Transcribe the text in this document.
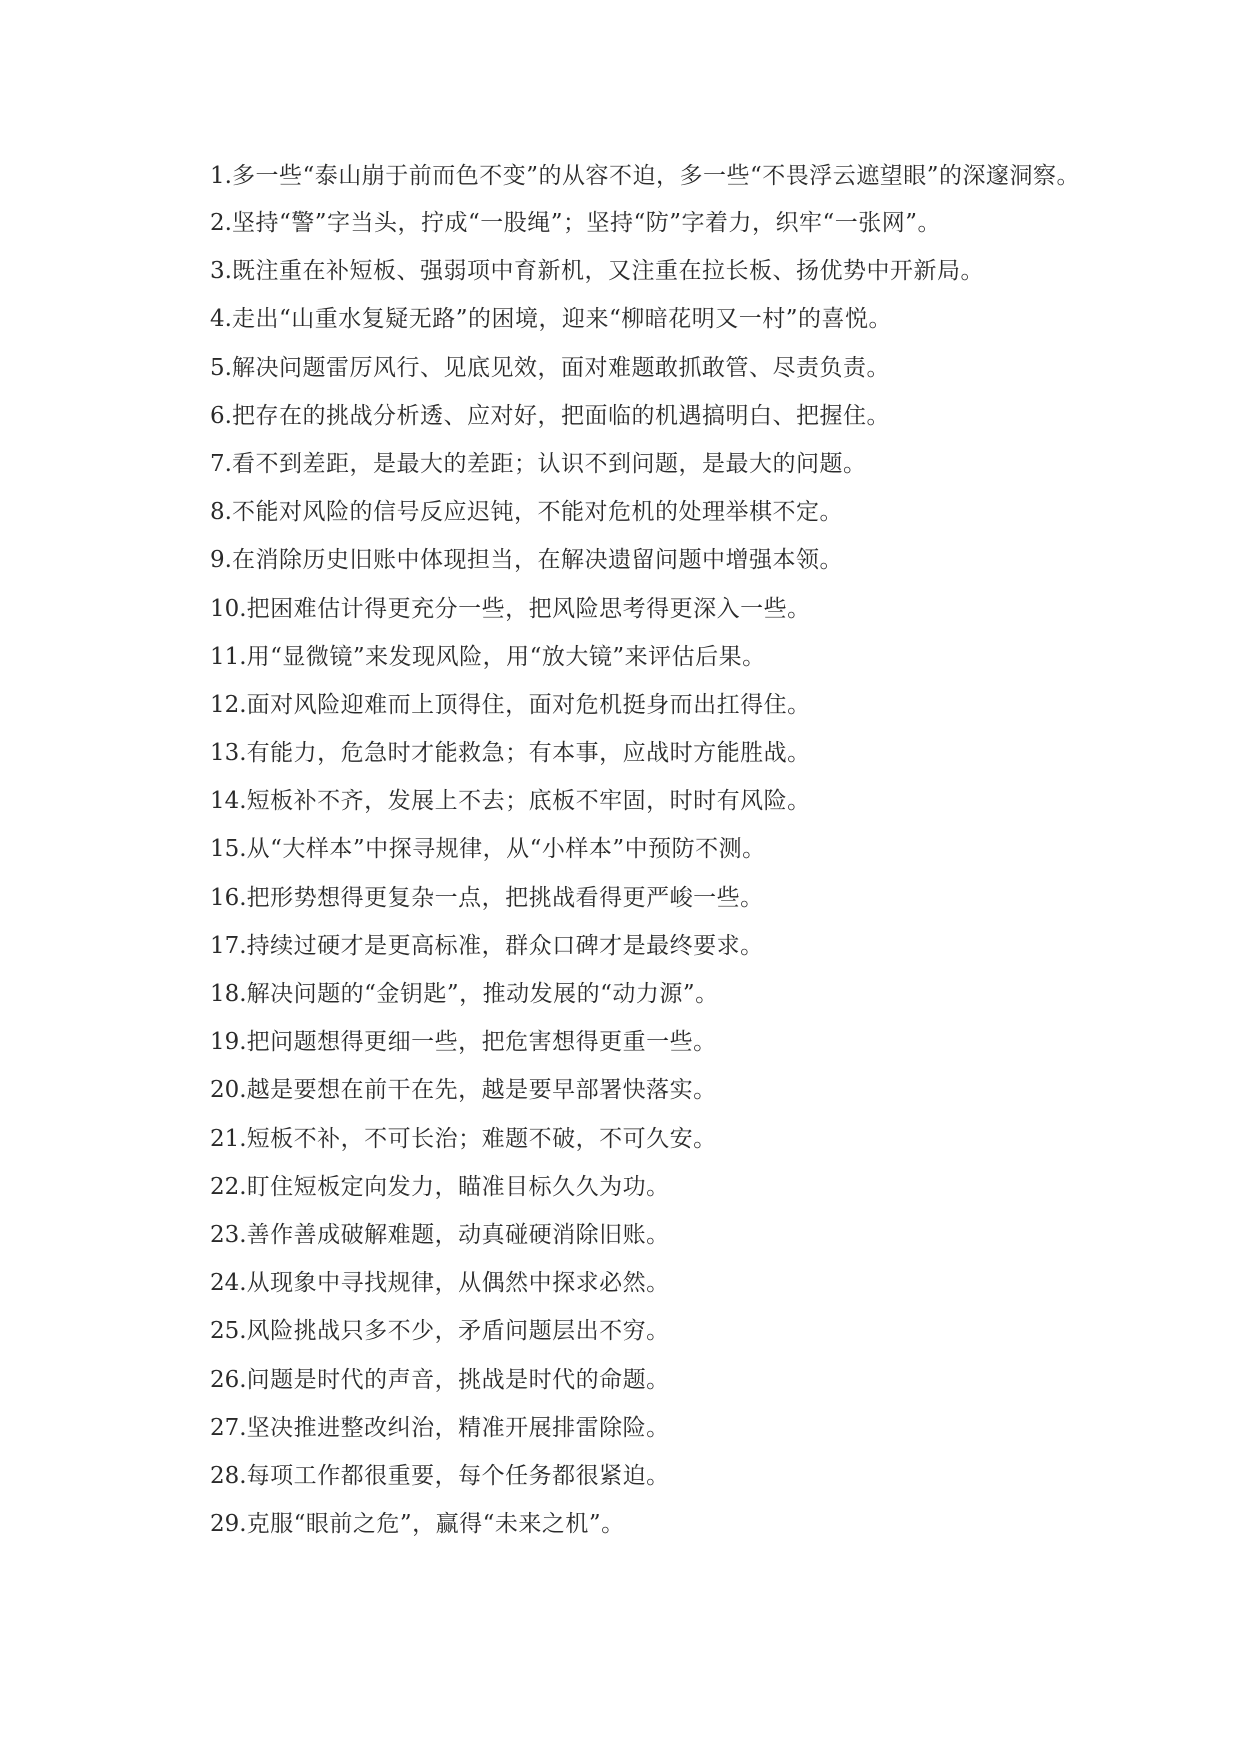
1.多一些“泰山崩于前而色不变”的从容不迫，多一些“不畏浮云遮望眼”的深邃洞察。

2.坚持“警”字当头，拧成“一股绳”；坚持“防”字着力，织牢“一张网”。

3.既注重在补短板、强弱项中育新机，又注重在拉长板、扬优势中开新局。

4.走出“山重水复疑无路”的困境，迎来“柳暗花明又一村”的喜悦。

5.解决问题雷厉风行、见底见效，面对难题敢抓敢管、尽责负责。

6.把存在的挑战分析透、应对好，把面临的机遇搞明白、把握住。

7.看不到差距，是最大的差距；认识不到问题，是最大的问题。

8.不能对风险的信号反应迟钝，不能对危机的处理举棋不定。

9.在消除历史旧账中体现担当，在解决遗留问题中增强本领。

10.把困难估计得更充分一些，把风险思考得更深入一些。

11.用“显微镜”来发现风险，用“放大镜”来评估后果。

12.面对风险迎难而上顶得住，面对危机挺身而出扛得住。

13.有能力，危急时才能救急；有本事，应战时方能胜战。

14.短板补不齐，发展上不去；底板不牢固，时时有风险。

15.从“大样本”中探寻规律，从“小样本”中预防不测。

16.把形势想得更复杂一点，把挑战看得更严峻一些。

17.持续过硬才是更高标准，群众口碑才是最终要求。

18.解决问题的“金钥匙”，推动发展的“动力源”。

19.把问题想得更细一些，把危害想得更重一些。

20.越是要想在前干在先，越是要早部署快落实。

21.短板不补，不可长治；难题不破，不可久安。

22.盯住短板定向发力，瞄准目标久久为功。

23.善作善成破解难题，动真碰硬消除旧账。

24.从现象中寻找规律，从偶然中探求必然。

25.风险挑战只多不少，矛盾问题层出不穷。

26.问题是时代的声音，挑战是时代的命题。

27.坚决推进整改纠治，精准开展排雷除险。

28.每项工作都很重要，每个任务都很紧迫。

29.克服“眼前之危”，赢得“未来之机”。
